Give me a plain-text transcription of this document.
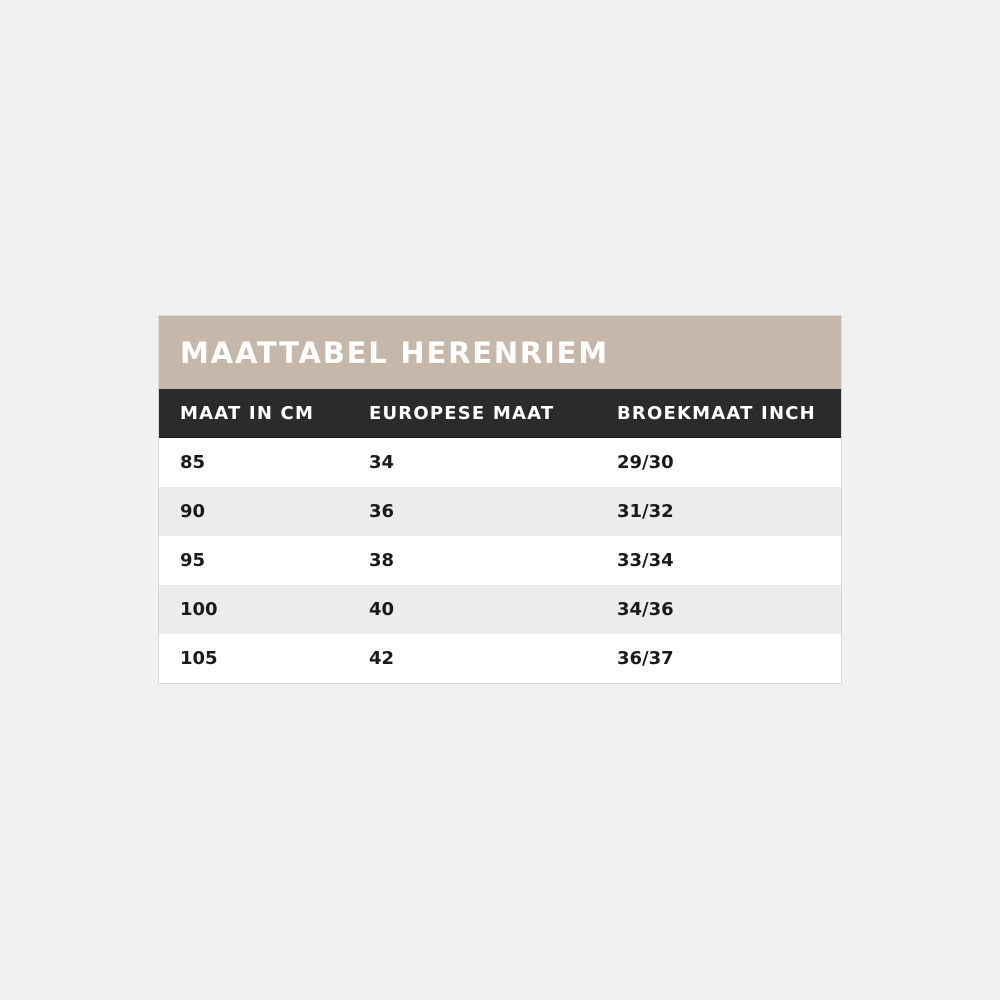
MAATTABEL HERENRIEM
MAAT IN CM	EUROPESE MAAT	BROEKMAAT INCH
85	34	29/30
90	36	31/32
95	38	33/34
100	40	34/36
105	42	36/37
